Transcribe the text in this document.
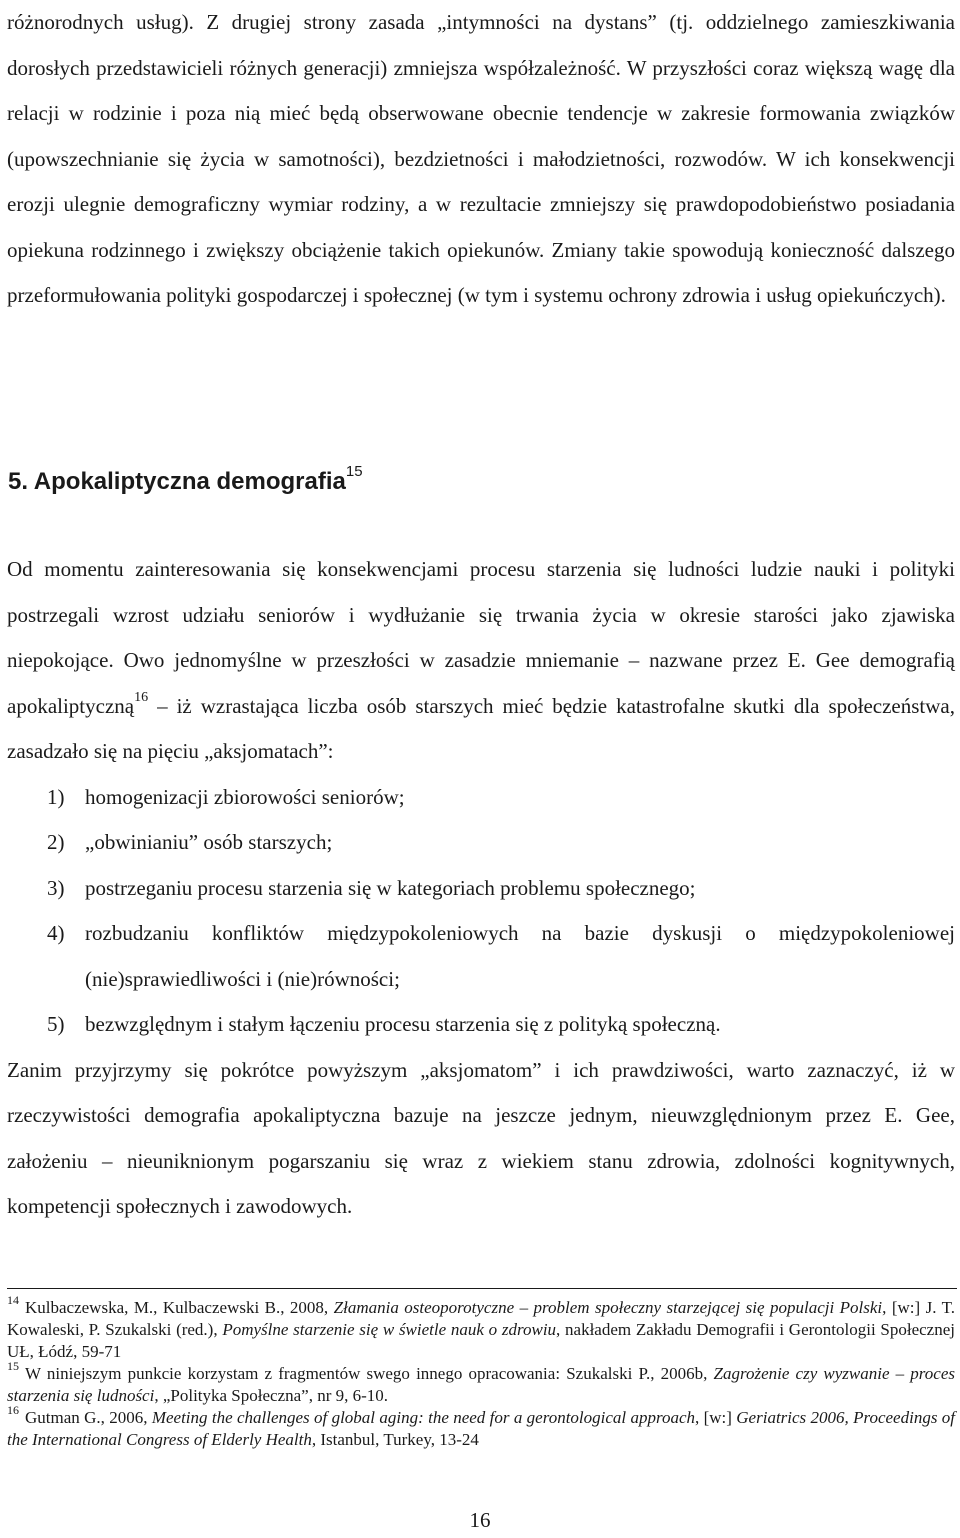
różnorodnych usług). Z drugiej strony zasada „intymności na dystans” (tj. oddzielnego zamieszkiwania dorosłych przedstawicieli różnych generacji) zmniejsza współzależność. W przyszłości coraz większą wagę dla relacji w rodzinie i poza nią mieć będą obserwowane obecnie tendencje w zakresie formowania związków (upowszechnianie się życia w samotności), bezdzietności i małodzietności, rozwodów. W ich konsekwencji erozji ulegnie demograficzny wymiar rodziny, a w rezultacie zmniejszy się prawdopodobieństwo posiadania opiekuna rodzinnego i zwiększy obciążenie takich opiekunów. Zmiany takie spowodują konieczność dalszego przeformułowania polityki gospodarczej i społecznej (w tym i systemu ochrony zdrowia i usług opiekuńczych).

5. Apokaliptyczna demografia$^{15}$

Od momentu zainteresowania się konsekwencjami procesu starzenia się ludności ludzie nauki i polityki postrzegali wzrost udziału seniorów i wydłużanie się trwania życia w okresie starości jako zjawiska niepokojące. Owo jednomyślne w przeszłości w zasadzie mniemanie – nazwane przez E. Gee demografią apokaliptyczną$^{16}$ – iż wzrastająca liczba osób starszych mieć będzie katastrofalne skutki dla społeczeństwa, zasadzało się na pięciu „aksjomatach”:

1) homogenizacji zbiorowości seniorów;
2) „obwinianiu” osób starszych;
3) postrzeganiu procesu starzenia się w kategoriach problemu społecznego;
4) rozbudzaniu konfliktów międzypokoleniowych na bazie dyskusji o międzypokoleniowej (nie)sprawiedliwości i (nie)równości;
5) bezwzględnym i stałym łączeniu procesu starzenia się z polityką społeczną.

Zanim przyjrzymy się pokrótce powyższym „aksjomatom” i ich prawdziwości, warto zaznaczyć, iż w rzeczywistości demografia apokaliptyczna bazuje na jeszcze jednym, nieuwzględnionym przez E. Gee, założeniu – nieuniknionym pogarszaniu się wraz z wiekiem stanu zdrowia, zdolności kognitywnych, kompetencji społecznych i zawodowych.

$^{14}$ Kulbaczewska, M., Kulbaczewski B., 2008, Złamania osteoporotyczne – problem społeczny starzejącej się populacji Polski, [w:] J. T. Kowaleski, P. Szukalski (red.), Pomyślne starzenie się w świetle nauk o zdrowiu, nakładem Zakładu Demografii i Gerontologii Społecznej UŁ, Łódź, 59-71

$^{15}$ W niniejszym punkcie korzystam z fragmentów swego innego opracowania: Szukalski P., 2006b, Zagrożenie czy wyzwanie – proces starzenia się ludności, „Polityka Społeczna”, nr 9, 6-10.

$^{16}$ Gutman G., 2006, Meeting the challenges of global aging: the need for a gerontological approach, [w:] Geriatrics 2006, Proceedings of the International Congress of Elderly Health, Istanbul, Turkey, 13-24

16
